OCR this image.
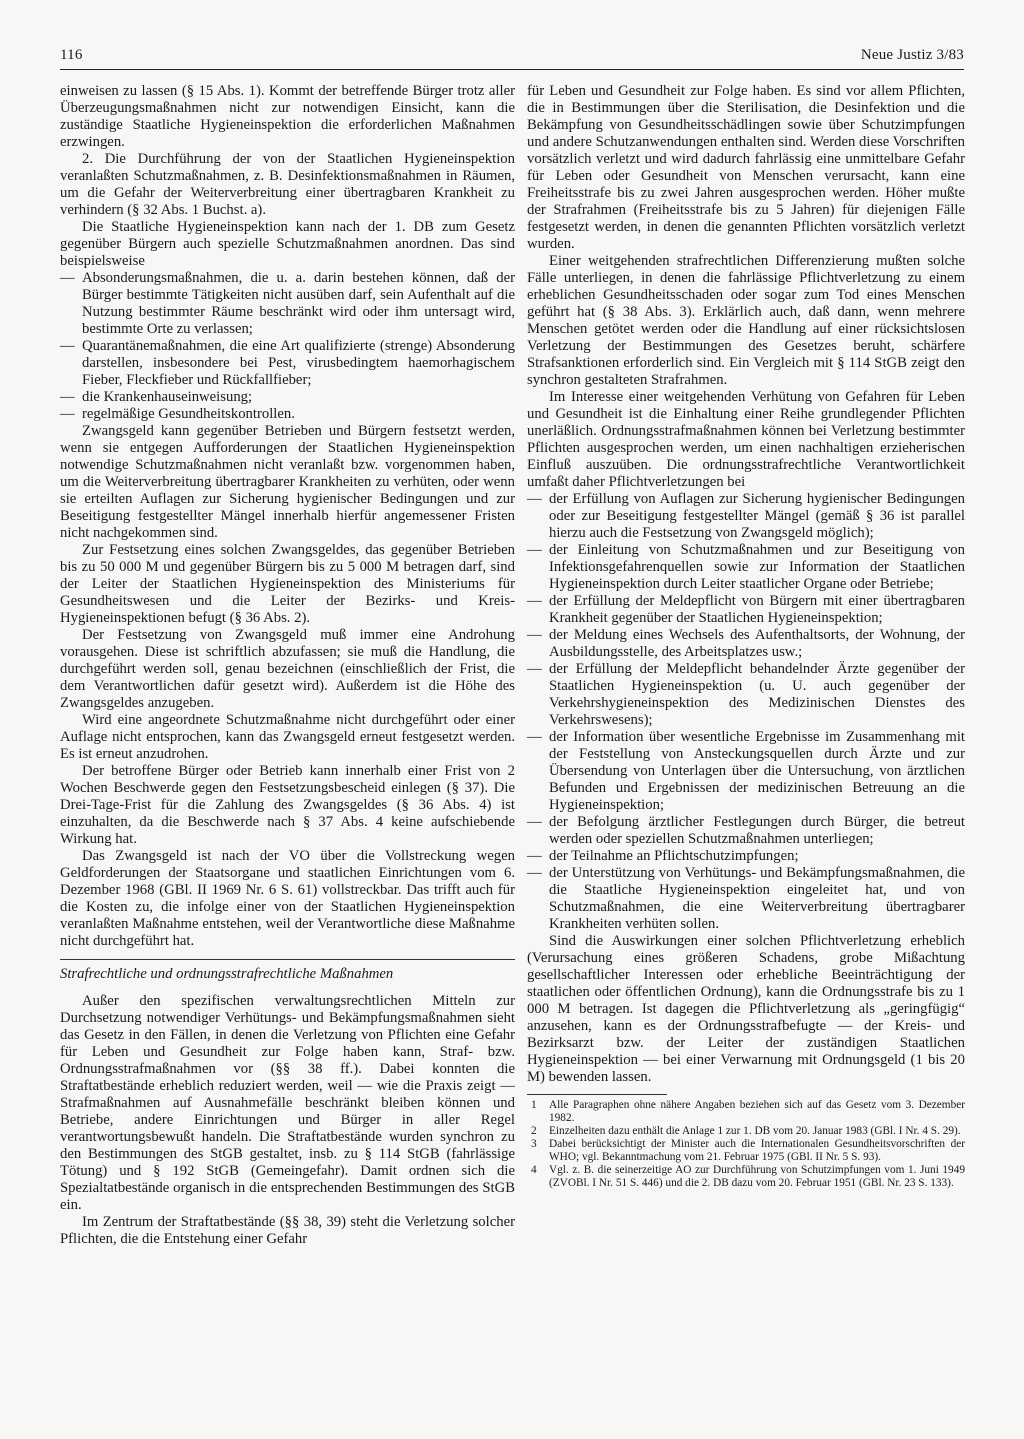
116	Neue Justiz 3/83

einweisen zu lassen (§ 15 Abs. 1). Kommt der betreffende Bürger trotz aller Überzeugungsmaßnahmen nicht zur notwendigen Einsicht, kann die zuständige Staatliche Hygieneinspektion die erforderlichen Maßnahmen erzwingen.

2. Die Durchführung der von der Staatlichen Hygieneinspektion veranlaßten Schutzmaßnahmen, z. B. Desinfektionsmaßnahmen in Räumen, um die Gefahr der Weiterverbreitung einer übertragbaren Krankheit zu verhindern (§ 32 Abs. 1 Buchst. a).

Die Staatliche Hygieneinspektion kann nach der 1. DB zum Gesetz gegenüber Bürgern auch spezielle Schutzmaßnahmen anordnen. Das sind beispielsweise

— Absonderungsmaßnahmen, die u. a. darin bestehen können, daß der Bürger bestimmte Tätigkeiten nicht ausüben darf, sein Aufenthalt auf die Nutzung bestimmter Räume beschränkt wird oder ihm untersagt wird, bestimmte Orte zu verlassen;
— Quarantänemaßnahmen, die eine Art qualifizierte (strenge) Absonderung darstellen, insbesondere bei Pest, virusbedingtem haemorhagischem Fieber, Fleckfieber und Rückfallfieber;
— die Krankenhauseinweisung;
— regelmäßige Gesundheitskontrollen.

Zwangsgeld kann gegenüber Betrieben und Bürgern festsetzt werden, wenn sie entgegen Aufforderungen der Staatlichen Hygieneinspektion notwendige Schutzmaßnahmen nicht veranlaßt bzw. vorgenommen haben, um die Weiterverbreitung übertragbarer Krankheiten zu verhüten, oder wenn sie erteilten Auflagen zur Sicherung hygienischer Bedingungen und zur Beseitigung festgestellter Mängel innerhalb hierfür angemessener Fristen nicht nachgekommen sind.

Zur Festsetzung eines solchen Zwangsgeldes, das gegenüber Betrieben bis zu 50 000 M und gegenüber Bürgern bis zu 5 000 M betragen darf, sind der Leiter der Staatlichen Hygieneinspektion des Ministeriums für Gesundheitswesen und die Leiter der Bezirks- und Kreis-Hygieneinspektionen befugt (§ 36 Abs. 2).

Der Festsetzung von Zwangsgeld muß immer eine Androhung vorausgehen. Diese ist schriftlich abzufassen; sie muß die Handlung, die durchgeführt werden soll, genau bezeichnen (einschließlich der Frist, die dem Verantwortlichen dafür gesetzt wird). Außerdem ist die Höhe des Zwangsgeldes anzugeben.

Wird eine angeordnete Schutzmaßnahme nicht durchgeführt oder einer Auflage nicht entsprochen, kann das Zwangsgeld erneut festgesetzt werden. Es ist erneut anzudrohen.

Der betroffene Bürger oder Betrieb kann innerhalb einer Frist von 2 Wochen Beschwerde gegen den Festsetzungsbescheid einlegen (§ 37). Die Drei-Tage-Frist für die Zahlung des Zwangsgeldes (§ 36 Abs. 4) ist einzuhalten, da die Beschwerde nach § 37 Abs. 4 keine aufschiebende Wirkung hat.

Das Zwangsgeld ist nach der VO über die Vollstreckung wegen Geldforderungen der Staatsorgane und staatlichen Einrichtungen vom 6. Dezember 1968 (GBl. II 1969 Nr. 6 S. 61) vollstreckbar. Das trifft auch für die Kosten zu, die infolge einer von der Staatlichen Hygieneinspektion veranlaßten Maßnahme entstehen, weil der Verantwortliche diese Maßnahme nicht durchgeführt hat.

Strafrechtliche und ordnungsstrafrechtliche Maßnahmen

Außer den spezifischen verwaltungsrechtlichen Mitteln zur Durchsetzung notwendiger Verhütungs- und Bekämpfungsmaßnahmen sieht das Gesetz in den Fällen, in denen die Verletzung von Pflichten eine Gefahr für Leben und Gesundheit zur Folge haben kann, Straf- bzw. Ordnungsstrafmaßnahmen vor (§§ 38 ff.). Dabei konnten die Straftatbestände erheblich reduziert werden, weil — wie die Praxis zeigt — Strafmaßnahmen auf Ausnahmefälle beschränkt bleiben können und Betriebe, andere Einrichtungen und Bürger in aller Regel verantwortungsbewußt handeln. Die Straftatbestände wurden synchron zu den Bestimmungen des StGB gestaltet, insb. zu § 114 StGB (fahrlässige Tötung) und § 192 StGB (Gemeingefahr). Damit ordnen sich die Spezialtatbestände organisch in die entsprechenden Bestimmungen des StGB ein.

Im Zentrum der Straftatbestände (§§ 38, 39) steht die Verletzung solcher Pflichten, die die Entstehung einer Gefahr

für Leben und Gesundheit zur Folge haben. Es sind vor allem Pflichten, die in Bestimmungen über die Sterilisation, die Desinfektion und die Bekämpfung von Gesundheitsschädlingen sowie über Schutzimpfungen und andere Schutzanwendungen enthalten sind. Werden diese Vorschriften vorsätzlich verletzt und wird dadurch fahrlässig eine unmittelbare Gefahr für Leben oder Gesundheit von Menschen verursacht, kann eine Freiheitsstrafe bis zu zwei Jahren ausgesprochen werden. Höher mußte der Strafrahmen (Freiheitsstrafe bis zu 5 Jahren) für diejenigen Fälle festgesetzt werden, in denen die genannten Pflichten vorsätzlich verletzt wurden.

Einer weitgehenden strafrechtlichen Differenzierung mußten solche Fälle unterliegen, in denen die fahrlässige Pflichtverletzung zu einem erheblichen Gesundheitsschaden oder sogar zum Tod eines Menschen geführt hat (§ 38 Abs. 3). Erklärlich auch, daß dann, wenn mehrere Menschen getötet werden oder die Handlung auf einer rücksichtslosen Verletzung der Bestimmungen des Gesetzes beruht, schärfere Strafsanktionen erforderlich sind. Ein Vergleich mit § 114 StGB zeigt den synchron gestalteten Strafrahmen.

Im Interesse einer weitgehenden Verhütung von Gefahren für Leben und Gesundheit ist die Einhaltung einer Reihe grundlegender Pflichten unerläßlich. Ordnungsstrafmaßnahmen können bei Verletzung bestimmter Pflichten ausgesprochen werden, um einen nachhaltigen erzieherischen Einfluß auszuüben. Die ordnungsstrafrechtliche Verantwortlichkeit umfaßt daher Pflichtverletzungen bei

— der Erfüllung von Auflagen zur Sicherung hygienischer Bedingungen oder zur Beseitigung festgestellter Mängel (gemäß § 36 ist parallel hierzu auch die Festsetzung von Zwangsgeld möglich);
— der Einleitung von Schutzmaßnahmen und zur Beseitigung von Infektionsgefahrenquellen sowie zur Information der Staatlichen Hygieneinspektion durch Leiter staatlicher Organe oder Betriebe;
— der Erfüllung der Meldepflicht von Bürgern mit einer übertragbaren Krankheit gegenüber der Staatlichen Hygieneinspektion;
— der Meldung eines Wechsels des Aufenthaltsorts, der Wohnung, der Ausbildungsstelle, des Arbeitsplatzes usw.;
— der Erfüllung der Meldepflicht behandelnder Ärzte gegenüber der Staatlichen Hygieneinspektion (u. U. auch gegenüber der Verkehrshygieneinspektion des Medizinischen Dienstes des Verkehrswesens);
— der Information über wesentliche Ergebnisse im Zusammenhang mit der Feststellung von Ansteckungsquellen durch Ärzte und zur Übersendung von Unterlagen über die Untersuchung, von ärztlichen Befunden und Ergebnissen der medizinischen Betreuung an die Hygieneinspektion;
— der Befolgung ärztlicher Festlegungen durch Bürger, die betreut werden oder speziellen Schutzmaßnahmen unterliegen;
— der Teilnahme an Pflichtschutzimpfungen;
— der Unterstützung von Verhütungs- und Bekämpfungsmaßnahmen, die die Staatliche Hygieneinspektion eingeleitet hat, und von Schutzmaßnahmen, die eine Weiterverbreitung übertragbarer Krankheiten verhüten sollen.

Sind die Auswirkungen einer solchen Pflichtverletzung erheblich (Verursachung eines größeren Schadens, grobe Mißachtung gesellschaftlicher Interessen oder erhebliche Beeinträchtigung der staatlichen oder öffentlichen Ordnung), kann die Ordnungsstrafe bis zu 1 000 M betragen. Ist dagegen die Pflichtverletzung als „geringfügig“ anzusehen, kann es der Ordnungsstrafbefugte — der Kreis- und Bezirksarzt bzw. der Leiter der zuständigen Staatlichen Hygieneinspektion — bei einer Verwarnung mit Ordnungsgeld (1 bis 20 M) bewenden lassen.

1 Alle Paragraphen ohne nähere Angaben beziehen sich auf das Gesetz vom 3. Dezember 1982.
2 Einzelheiten dazu enthält die Anlage 1 zur 1. DB vom 20. Januar 1983 (GBl. I Nr. 4 S. 29).
3 Dabei berücksichtigt der Minister auch die Internationalen Gesundheitsvorschriften der WHO; vgl. Bekanntmachung vom 21. Februar 1975 (GBl. II Nr. 5 S. 93).
4 Vgl. z. B. die seinerzeitige AO zur Durchführung von Schutzimpfungen vom 1. Juni 1949 (ZVOBl. I Nr. 51 S. 446) und die 2. DB dazu vom 20. Februar 1951 (GBl. Nr. 23 S. 133).
